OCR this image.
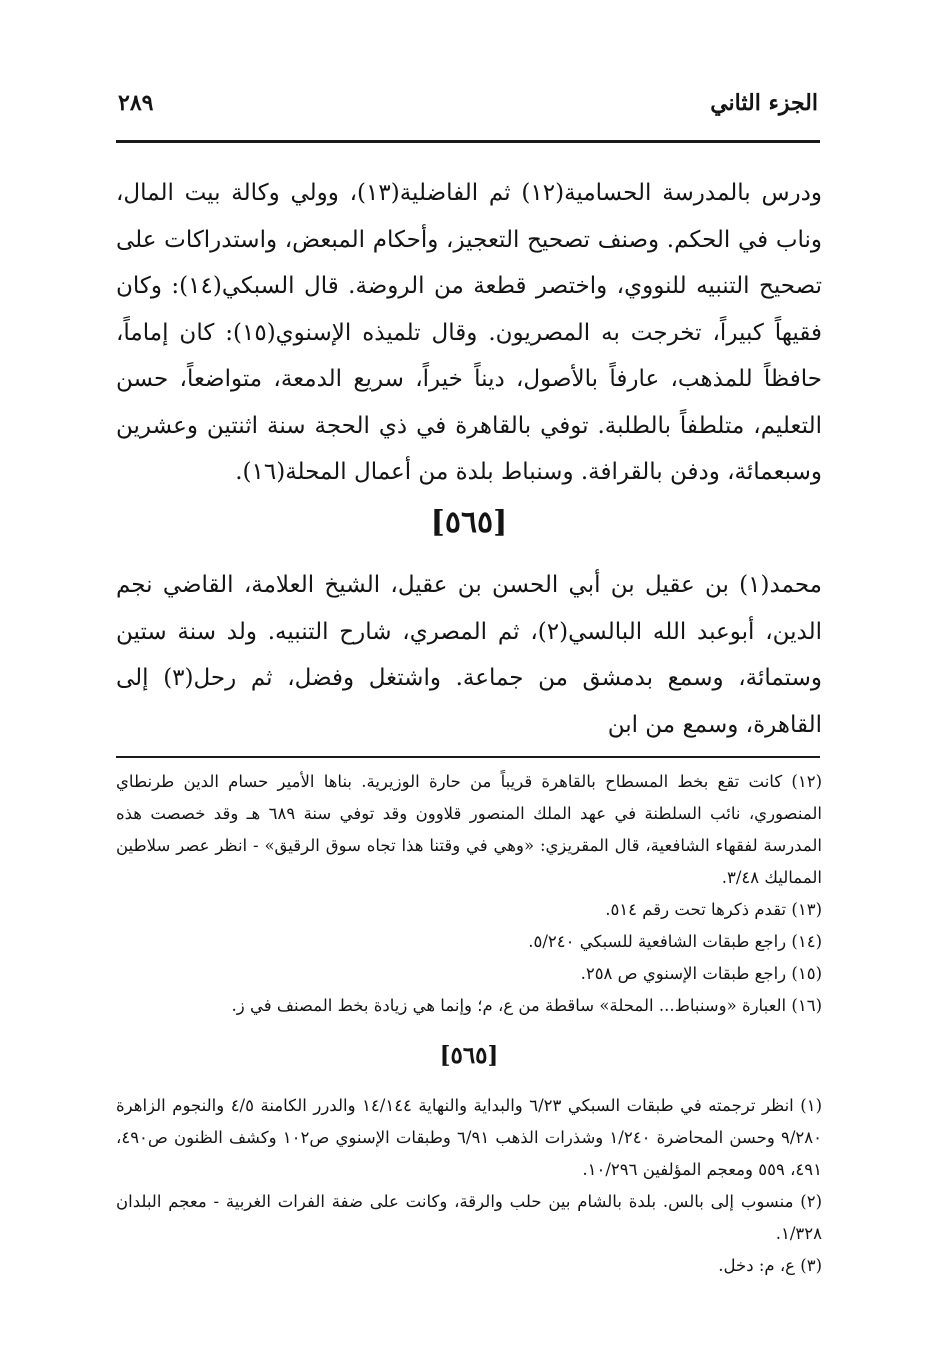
الجزء الثاني
٢٨٩

ودرس بالمدرسة الحسامية(١٢) ثم الفاضلية(١٣)، وولي وكالة بيت المال، وناب في الحكم. وصنف تصحيح التعجيز، وأحكام المبعض، واستدراكات على تصحيح التنبيه للنووي، واختصر قطعة من الروضة. قال السبكي(١٤): وكان فقيهاً كبيراً، تخرجت به المصريون. وقال تلميذه الإسنوي(١٥): كان إماماً، حافظاً للمذهب، عارفاً بالأصول، ديناً خيراً، سريع الدمعة، متواضعاً، حسن التعليم، متلطفاً بالطلبة. توفي بالقاهرة في ذي الحجة سنة اثنتين وعشرين وسبعمائة، ودفن بالقرافة. وسنباط بلدة من أعمال المحلة(١٦).

[٥٦٥]

محمد(١) بن عقيل بن أبي الحسن بن عقيل، الشيخ العلامة، القاضي نجم الدين، أبوعبد الله البالسي(٢)، ثم المصري، شارح التنبيه. ولد سنة ستين وستمائة، وسمع بدمشق من جماعة. واشتغل وفضل، ثم رحل(٣) إلى القاهرة، وسمع من ابن

(١٢) كانت تقع بخط المسطاح بالقاهرة قريباً من حارة الوزيرية. بناها الأمير حسام الدين طرنطاي المنصوري، نائب السلطنة في عهد الملك المنصور قلاوون وقد توفي سنة ٦٨٩ هـ وقد خصصت هذه المدرسة لفقهاء الشافعية، قال المقريزي: «وهي في وقتنا هذا تجاه سوق الرقيق» - انظر عصر سلاطين المماليك ٣/٤٨.

(١٣) تقدم ذكرها تحت رقم ٥١٤.

(١٤) راجع طبقات الشافعية للسبكي ٥/٢٤٠.

(١٥) راجع طبقات الإسنوي ص ٢٥٨.

(١٦) العبارة «وسنباط... المحلة» ساقطة من ع، م؛ وإنما هي زيادة بخط المصنف في ز.

[٥٦٥]

(١) انظر ترجمته في طبقات السبكي ٦/٢٣ والبداية والنهاية ١٤/١٤٤ والدرر الكامنة ٤/٥ والنجوم الزاهرة ٩/٢٨٠ وحسن المحاضرة ١/٢٤٠ وشذرات الذهب ٦/٩١ وطبقات الإسنوي ص١٠٢ وكشف الظنون ص٤٩٠، ٤٩١، ٥٥٩ ومعجم المؤلفين ١٠/٢٩٦.

(٢) منسوب إلى بالس. بلدة بالشام بين حلب والرقة، وكانت على ضفة الفرات الغربية - معجم البلدان ١/٣٢٨.

(٣) ع، م: دخل.
